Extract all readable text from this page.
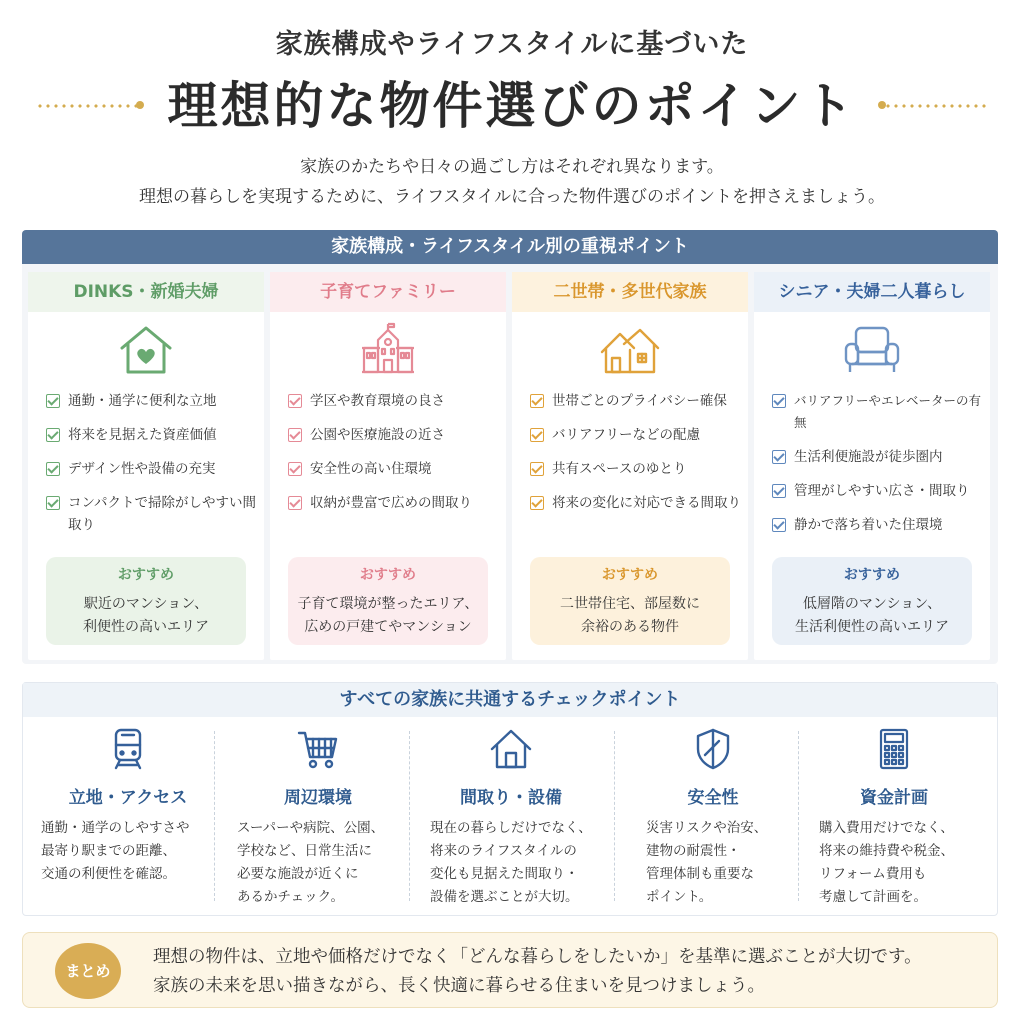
家族構成やライフスタイルに基づいた
理想的な物件選びのポイント
家族のかたちや日々の過ごし方はそれぞれ異なります。
理想の暮らしを実現するために、ライフスタイルに合った物件選びのポイントを押さえましょう。
家族構成・ライフスタイル別の重視ポイント
DINKS・新婚夫婦
通勤・通学に便利な立地
将来を見据えた資産価値
デザイン性や設備の充実
コンパクトで掃除がしやすい間取り
おすすめ
駅近のマンション、
利便性の高いエリア
子育てファミリー
学区や教育環境の良さ
公園や医療施設の近さ
安全性の高い住環境
収納が豊富で広めの間取り
おすすめ
子育て環境が整ったエリア、
広めの戸建てやマンション
二世帯・多世代家族
世帯ごとのプライバシー確保
バリアフリーなどの配慮
共有スペースのゆとり
将来の変化に対応できる間取り
おすすめ
二世帯住宅、部屋数に
余裕のある物件
シニア・夫婦二人暮らし
バリアフリーやエレベーターの有無
生活利便施設が徒歩圏内
管理がしやすい広さ・間取り
静かで落ち着いた住環境
おすすめ
低層階のマンション、
生活利便性の高いエリア
すべての家族に共通するチェックポイント
立地・アクセス
通勤・通学のしやすさや
最寄り駅までの距離、
交通の利便性を確認。
周辺環境
スーパーや病院、公園、
学校など、日常生活に
必要な施設が近くに
あるかチェック。
間取り・設備
現在の暮らしだけでなく、
将来のライフスタイルの
変化も見据えた間取り・
設備を選ぶことが大切。
安全性
災害リスクや治安、
建物の耐震性・
管理体制も重要な
ポイント。
資金計画
購入費用だけでなく、
将来の維持費や税金、
リフォーム費用も
考慮して計画を。
まとめ
理想の物件は、立地や価格だけでなく「どんな暮らしをしたいか」を基準に選ぶことが大切です。
家族の未来を思い描きながら、長く快適に暮らせる住まいを見つけましょう。
